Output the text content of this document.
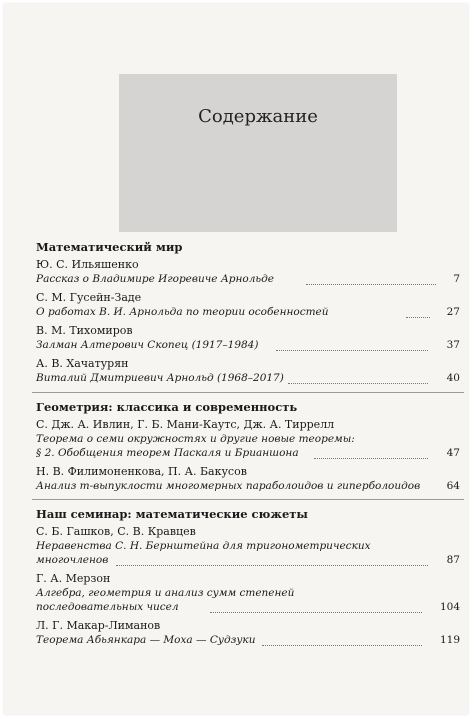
Содержание
Математический мир
Ю. С. Ильяшенко
Рассказ о Владимире Игоревиче Арнольде	7
С. М. Гусейн-Заде
О работах В. И. Арнольда по теории особенностей	27
В. М. Тихомиров
Залман Алтерович Скопец (1917–1984)	37
А. В. Хачатурян
Виталий Дмитриевич Арнольд (1968–2017)	40
Геометрия: классика и современность
С. Дж. А. Ивлин, Г. Б. Мани-Каутс, Дж. А. Тиррелл
Теорема о семи окружностях и другие новые теоремы:
§ 2. Обобщения теорем Паскаля и Брианшона	47
Н. В. Филимоненкова, П. А. Бакусов
Анализ m-выпуклости многомерных параболоидов и гиперболоидов	64
Наш семинар: математические сюжеты
С. Б. Гашков, С. В. Кравцев
Неравенства С. Н. Бернштейна для тригонометрических
многочленов	87
Г. А. Мерзон
Алгебра, геометрия и анализ сумм степеней
последовательных чисел	104
Л. Г. Макар-Лиманов
Теорема Абьянкара — Моха — Судзуки	119
